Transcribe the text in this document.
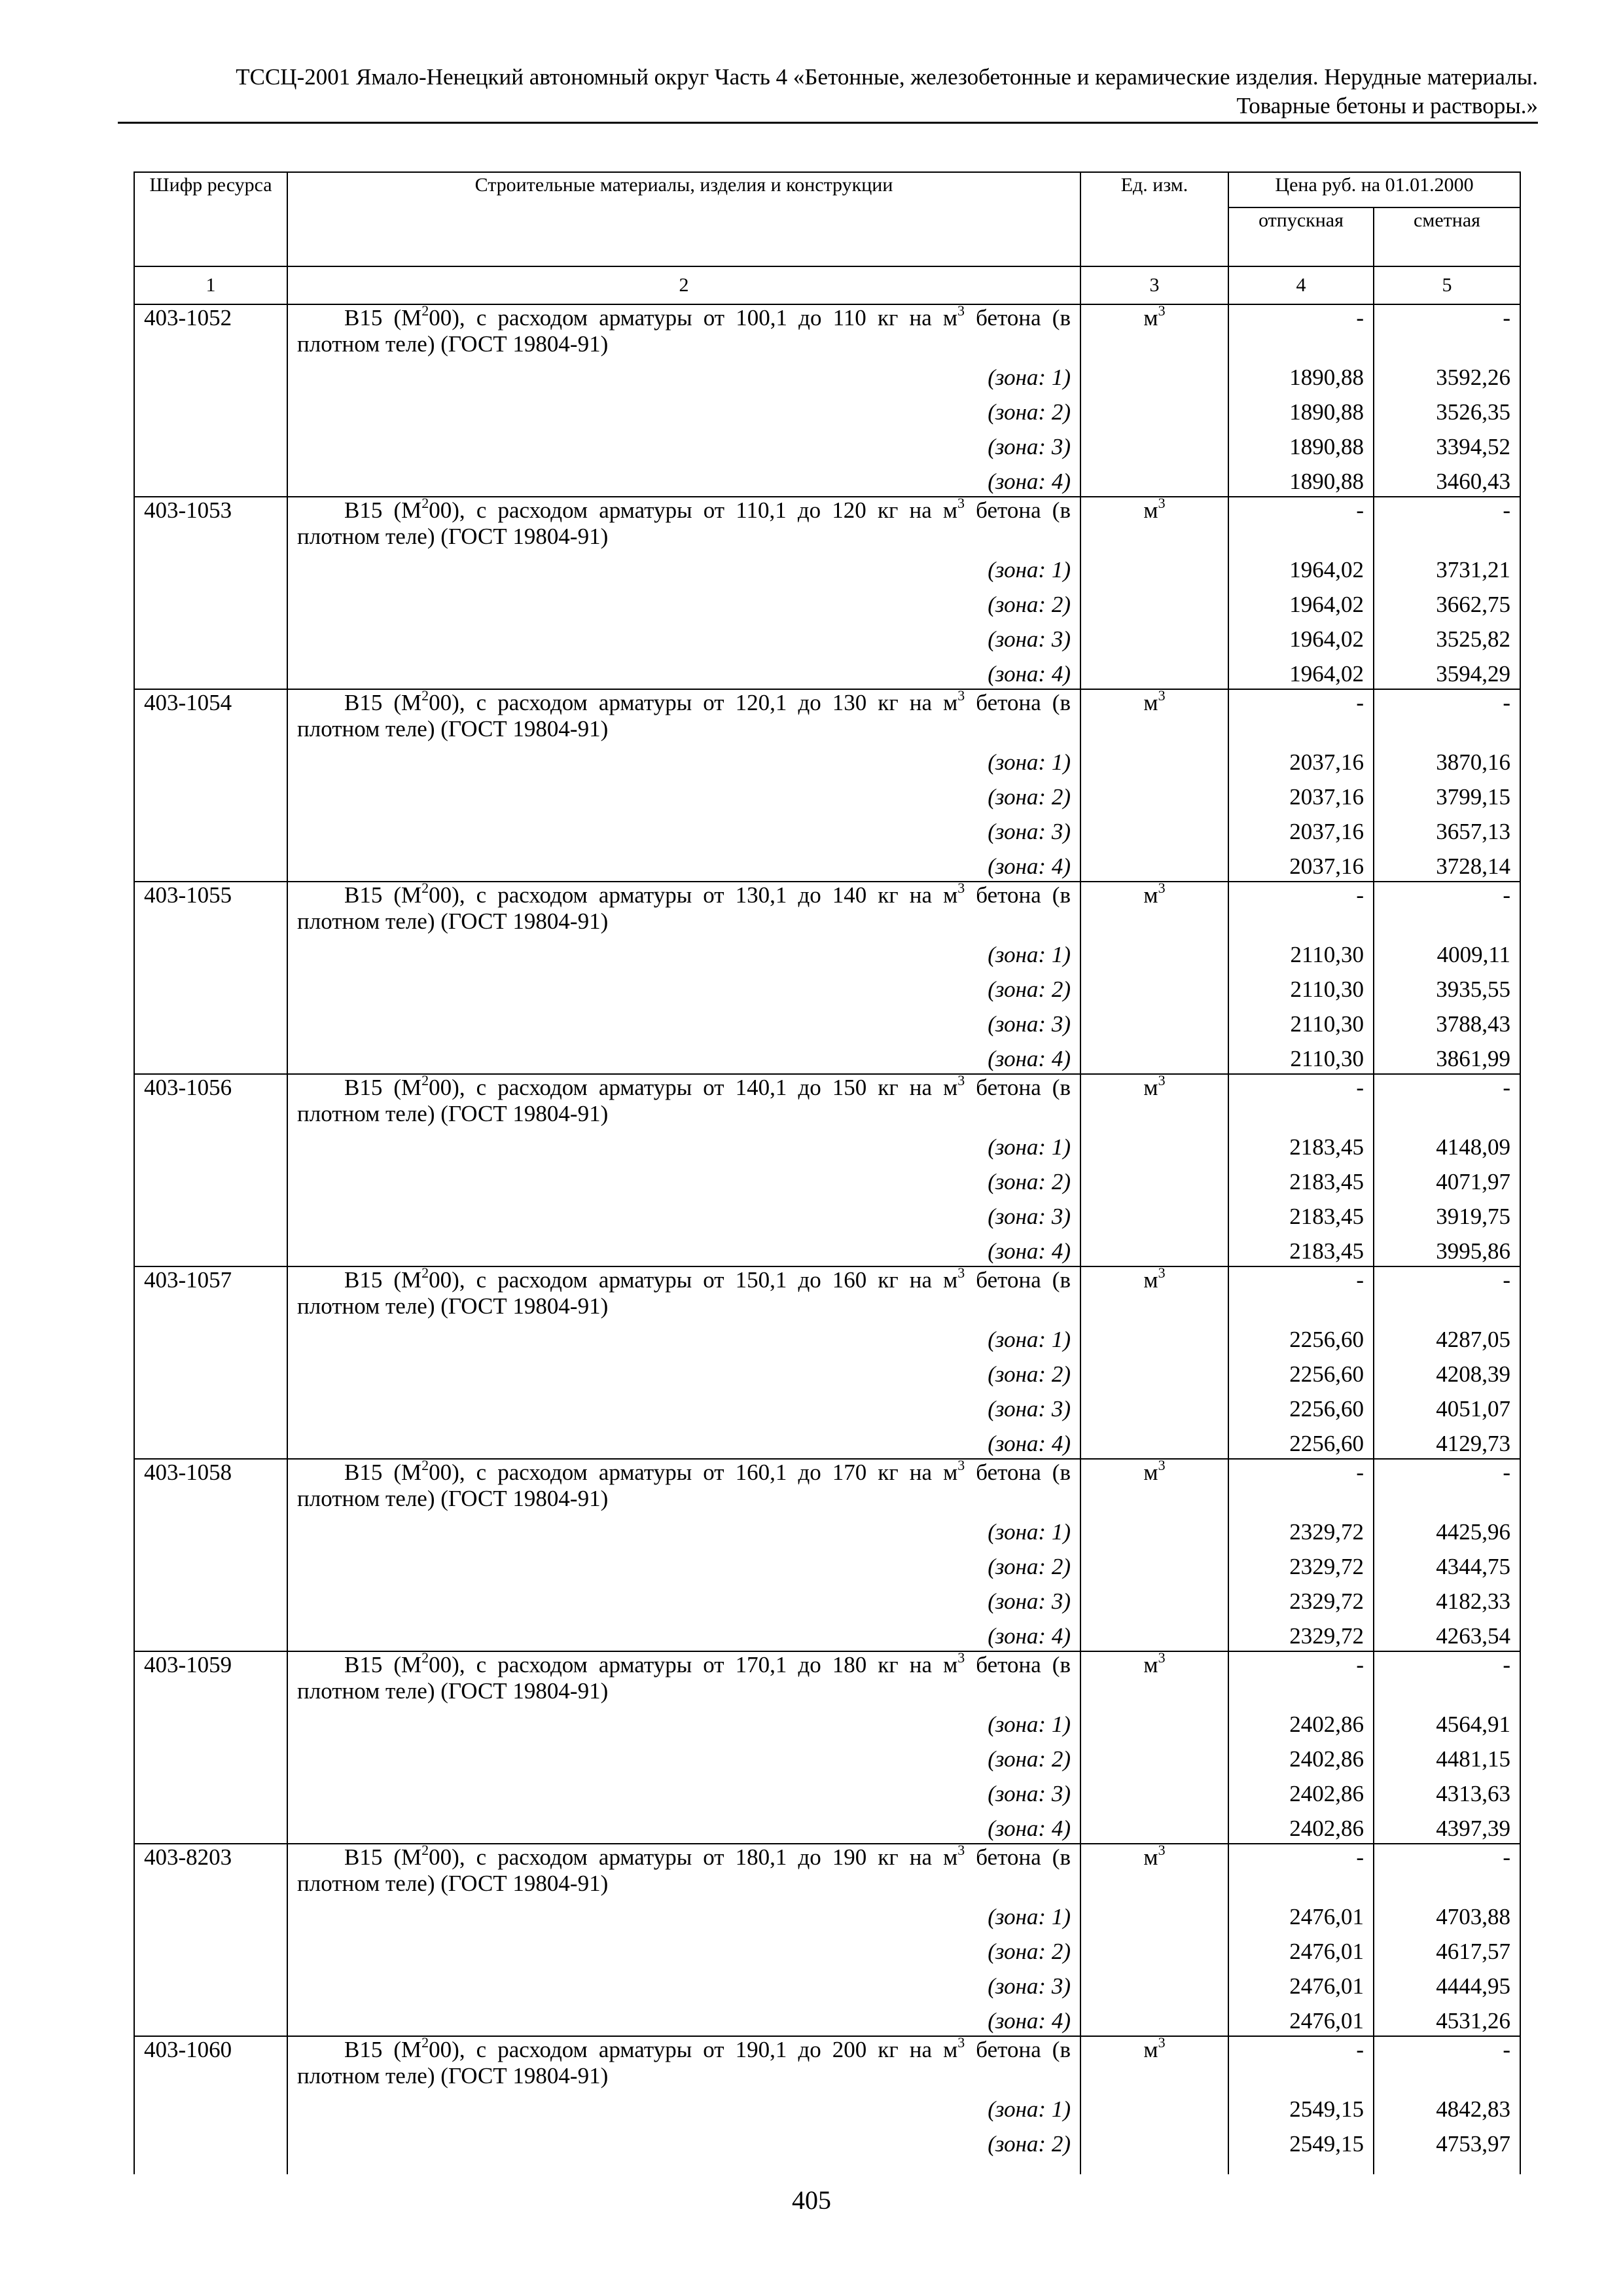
ТССЦ-2001 Ямало-Ненецкий автономный округ Часть 4 «Бетонные, железобетонные и керамические изделия. Нерудные материалы.
Товарные бетоны и растворы.»
Шифр ресурса	Строительные материалы, изделия и конструкции	Ед. изм.	Цена руб. на 01.01.2000	
			отпускная	сметная
1	2	3	4	5
403-1052	В15 $(М^200)$, с расходом арматуры от 100,1 до 110 кг на $м^3$ бетона (в плотном теле) (ГОСТ 19804-91)	$м^3$	-	-
	(зона: 1)		1890,88	3592,26
	(зона: 2)		1890,88	3526,35
	(зона: 3)		1890,88	3394,52
	(зона: 4)		1890,88	3460,43
403-1053	В15 $(М^200)$, с расходом арматуры от 110,1 до 120 кг на $м^3$ бетона (в плотном теле) (ГОСТ 19804-91)	$м^3$	-	-
	(зона: 1)		1964,02	3731,21
	(зона: 2)		1964,02	3662,75
	(зона: 3)		1964,02	3525,82
	(зона: 4)		1964,02	3594,29
403-1054	В15 $(М^200)$, с расходом арматуры от 120,1 до 130 кг на $м^3$ бетона (в плотном теле) (ГОСТ 19804-91)	$м^3$	-	-
	(зона: 1)		2037,16	3870,16
	(зона: 2)		2037,16	3799,15
	(зона: 3)		2037,16	3657,13
	(зона: 4)		2037,16	3728,14
403-1055	В15 $(М^200)$, с расходом арматуры от 130,1 до 140 кг на $м^3$ бетона (в плотном теле) (ГОСТ 19804-91)	$м^3$	-	-
	(зона: 1)		2110,30	4009,11
	(зона: 2)		2110,30	3935,55
	(зона: 3)		2110,30	3788,43
	(зона: 4)		2110,30	3861,99
403-1056	В15 $(М^200)$, с расходом арматуры от 140,1 до 150 кг на $м^3$ бетона (в плотном теле) (ГОСТ 19804-91)	$м^3$	-	-
	(зона: 1)		2183,45	4148,09
	(зона: 2)		2183,45	4071,97
	(зона: 3)		2183,45	3919,75
	(зона: 4)		2183,45	3995,86
403-1057	В15 $(М^200)$, с расходом арматуры от 150,1 до 160 кг на $м^3$ бетона (в плотном теле) (ГОСТ 19804-91)	$м^3$	-	-
	(зона: 1)		2256,60	4287,05
	(зона: 2)		2256,60	4208,39
	(зона: 3)		2256,60	4051,07
	(зона: 4)		2256,60	4129,73
403-1058	В15 $(М^200)$, с расходом арматуры от 160,1 до 170 кг на $м^3$ бетона (в плотном теле) (ГОСТ 19804-91)	$м^3$	-	-
	(зона: 1)		2329,72	4425,96
	(зона: 2)		2329,72	4344,75
	(зона: 3)		2329,72	4182,33
	(зона: 4)		2329,72	4263,54
403-1059	В15 $(М^200)$, с расходом арматуры от 170,1 до 180 кг на $м^3$ бетона (в плотном теле) (ГОСТ 19804-91)	$м^3$	-	-
	(зона: 1)		2402,86	4564,91
	(зона: 2)		2402,86	4481,15
	(зона: 3)		2402,86	4313,63
	(зона: 4)		2402,86	4397,39
403-8203	В15 $(М^200)$, с расходом арматуры от 180,1 до 190 кг на $м^3$ бетона (в плотном теле) (ГОСТ 19804-91)	$м^3$	-	-
	(зона: 1)		2476,01	4703,88
	(зона: 2)		2476,01	4617,57
	(зона: 3)		2476,01	4444,95
	(зона: 4)		2476,01	4531,26
403-1060	В15 $(М^200)$, с расходом арматуры от 190,1 до 200 кг на $м^3$ бетона (в плотном теле) (ГОСТ 19804-91)	$м^3$	-	-
	(зона: 1)		2549,15	4842,83
	(зона: 2)		2549,15	4753,97

405
